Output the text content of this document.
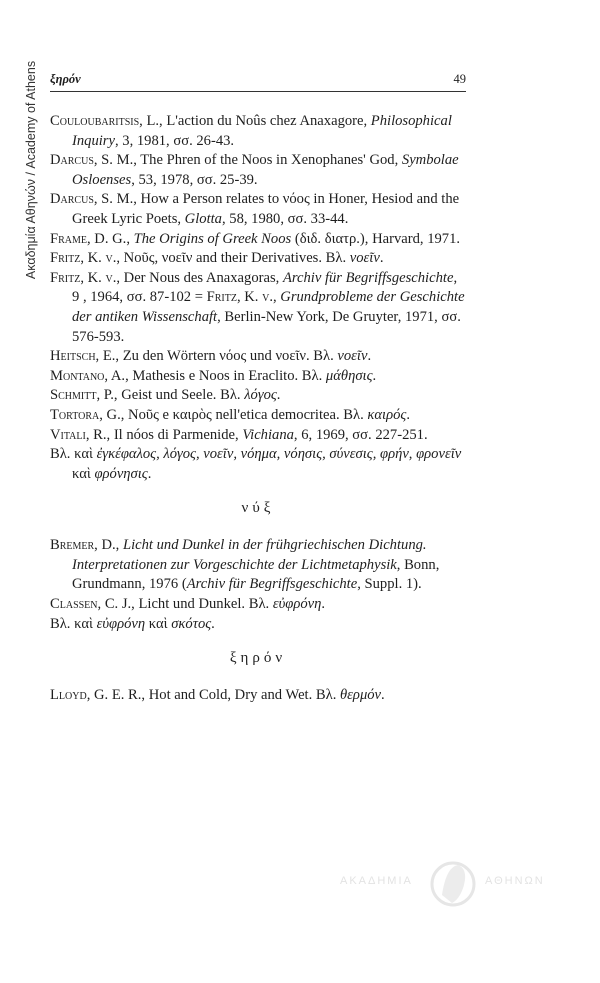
Ακαδημία Αθηνών / Academy of Athens ξηρόν	49
Couloubaritsis, L., L'action du Noûs chez Anaxagore, Philosophical Inquiry, 3, 1981, σσ. 26-43.
Darcus, S. M., The Phren of the Noos in Xenophanes' God, Symbolae Osloenses, 53, 1978, σσ. 25-39.
Darcus, S. M., How a Person relates to νόος in Honer, Hesiod and the Greek Lyric Poets, Glotta, 58, 1980, σσ. 33-44.
Frame, D. G., The Origins of Greek Noos (διδ. διατρ.), Harvard, 1971.
Fritz, K. v., Νοῦς, νοεῖν and their Derivatives. Βλ. νοεῖν.
Fritz, K. v., Der Nous des Anaxagoras, Archiv für Begriffsgeschichte, 9 , 1964, σσ. 87-102 = Fritz, K. v., Grundprobleme der Geschichte der antiken Wissenschaft, Berlin-New York, De Gruyter, 1971, σσ. 576-593.
Heitsch, E., Zu den Wörtern νόος und νοεῖν. Βλ. νοεῖν.
Montano, A., Mathesis e Noos in Eraclito. Βλ. μάθησις.
Schmitt, P., Geist und Seele. Βλ. λόγος.
Tortora, G., Νοῦς e καιρὸς nell'etica democritea. Βλ. καιρός.
Vitali, R., Il nóos di Parmenide, Vichiana, 6, 1969, σσ. 227-251.
Βλ. καὶ ἐγκέφαλος, λόγος, νοεῖν, νόημα, νόησις, σύνεσις, φρήν, φρονεῖν καὶ φρόνησις.
νύξ
Bremer, D., Licht und Dunkel in der frühgriechischen Dichtung. Interpretationen zur Vorgeschichte der Lichtmetaphysik, Bonn, Grundmann, 1976 (Archiv für Begriffsgeschichte, Suppl. 1).
Classen, C. J., Licht und Dunkel. Βλ. εὐφρόνη.
Βλ. καὶ εὐφρόνη καὶ σκότος.
ξηρόν
Lloyd, G. E. R., Hot and Cold, Dry and Wet. Βλ. θερμόν.
ΑΚΑΔΗΜΙΑ	ΑΘΗΝΩΝ
